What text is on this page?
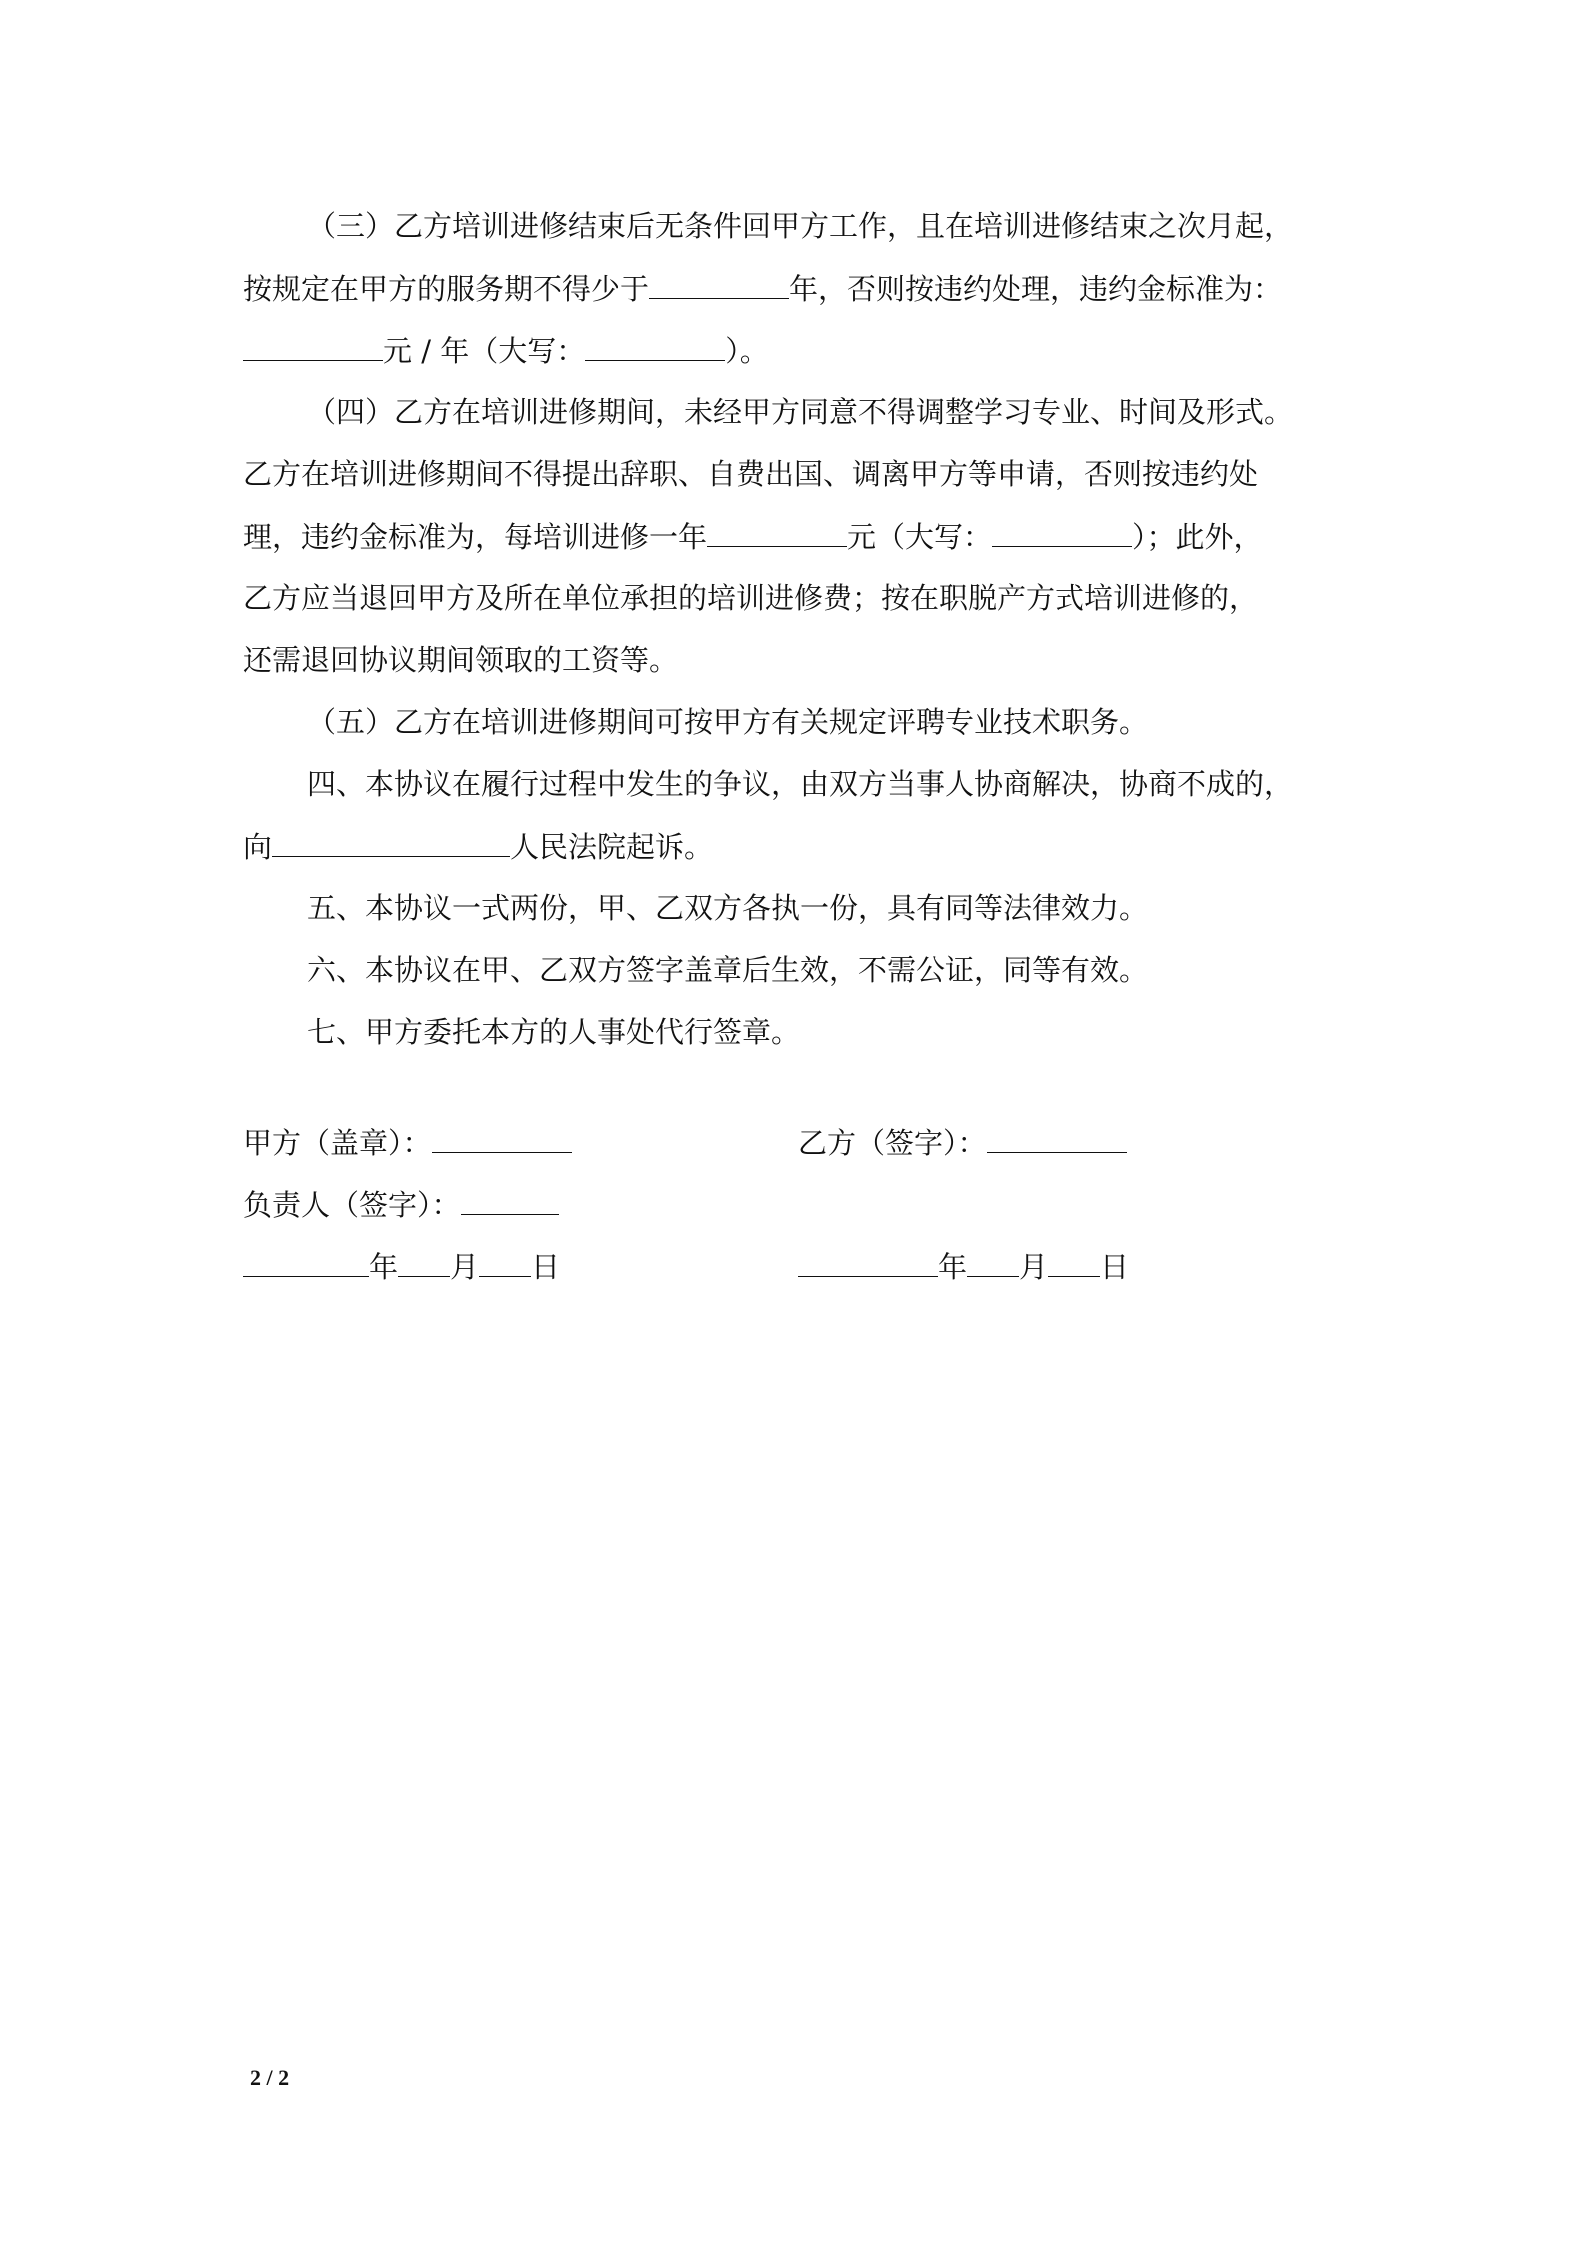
（三）乙方培训进修结束后无条件回甲方工作，且在培训进修结束之次月起，
按规定在甲方的服务期不得少于	年，否则按违约处理，违约金标准为：
元 / 年（大写：	）。
（四）乙方在培训进修期间，未经甲方同意不得调整学习专业、时间及形式。
乙方在培训进修期间不得提出辞职、自费出国、调离甲方等申请，否则按违约处
理，违约金标准为，每培训进修一年	元（大写：	）；此外，
乙方应当退回甲方及所在单位承担的培训进修费；按在职脱产方式培训进修的，
还需退回协议期间领取的工资等。
（五）乙方在培训进修期间可按甲方有关规定评聘专业技术职务。
四、本协议在履行过程中发生的争议，由双方当事人协商解决，协商不成的，
向	人民法院起诉。
五、本协议一式两份，甲、乙双方各执一份，具有同等法律效力。
六、本协议在甲、乙双方签字盖章后生效，不需公证，同等有效。
七、甲方委托本方的人事处代行签章。
甲方（盖章）：	乙方（签字）：
负责人（签字）：
年 月 日	年 月 日
2 / 2
